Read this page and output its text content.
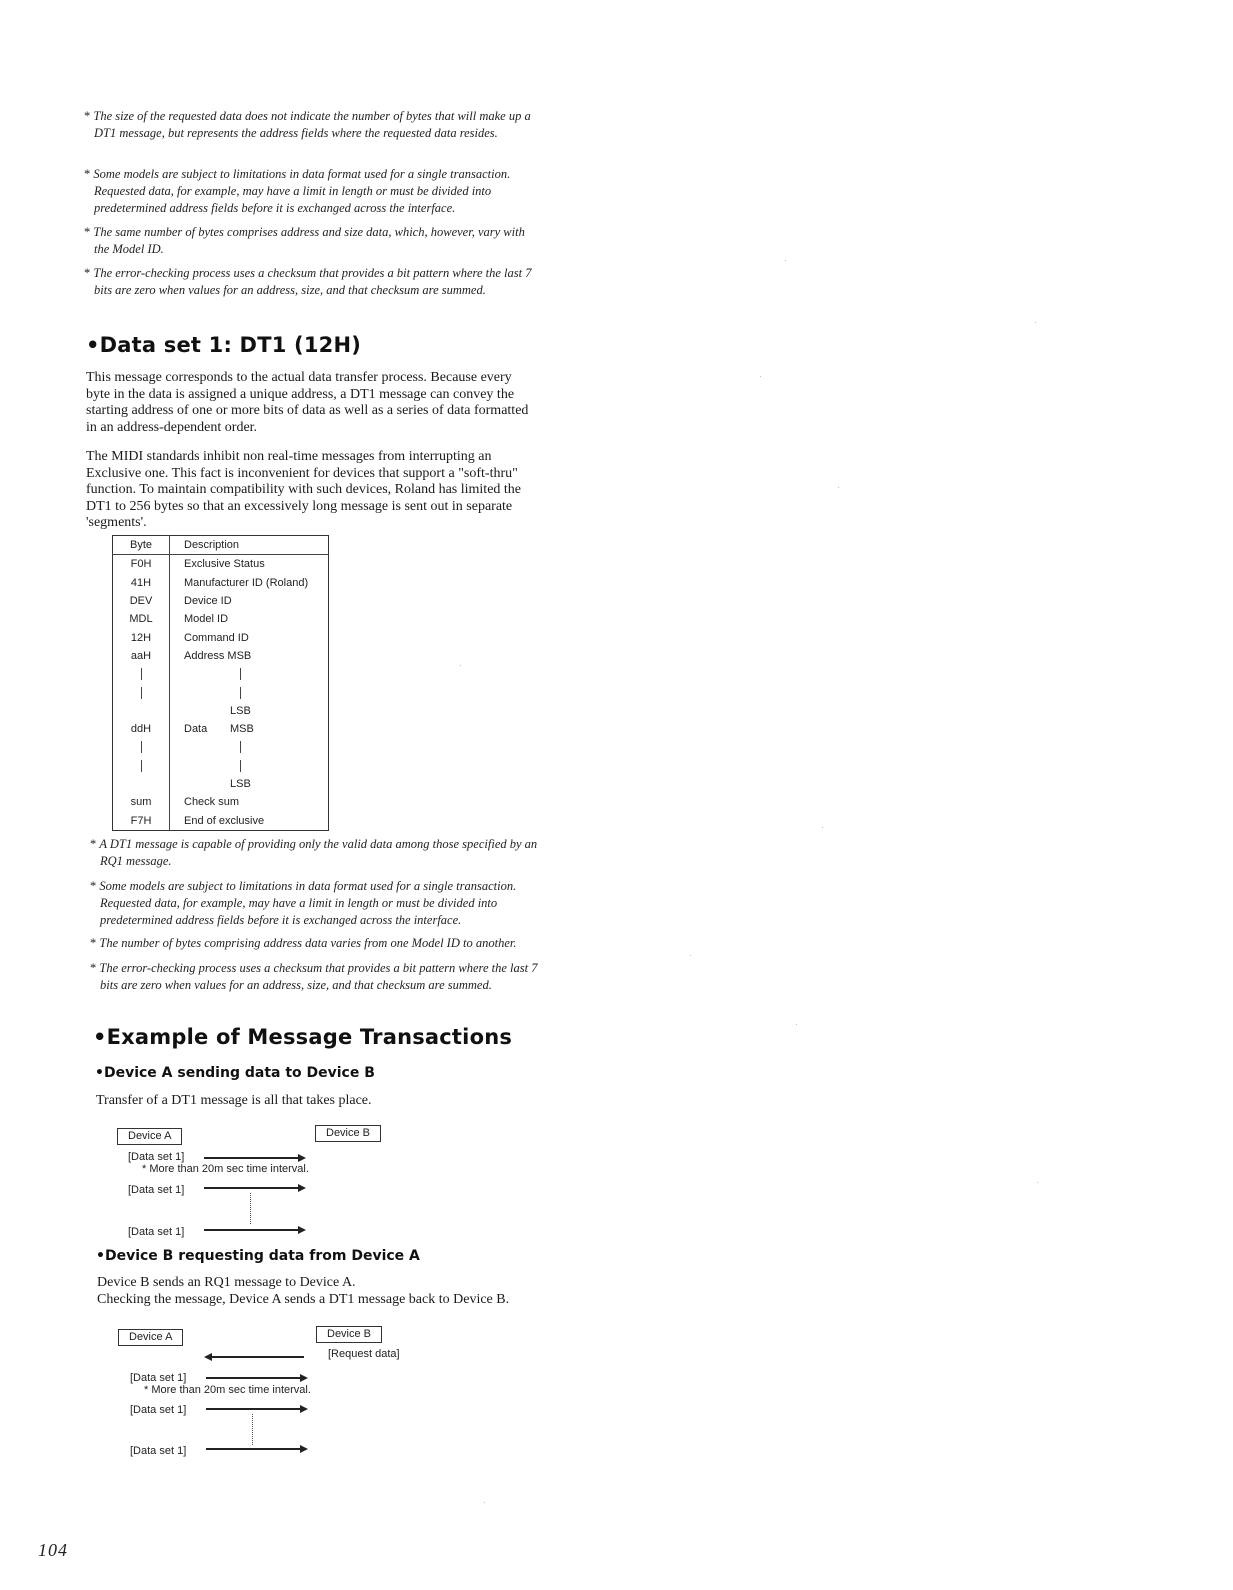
* The size of the requested data does not indicate the number of bytes that will make up a DT1 message, but represents the address fields where the requested data resides.
* Some models are subject to limitations in data format used for a single transaction. Requested data, for example, may have a limit in length or must be divided into predetermined address fields before it is exchanged across the interface.
* The same number of bytes comprises address and size data, which, however, vary with the Model ID.
* The error-checking process uses a checksum that provides a bit pattern where the last 7 bits are zero when values for an address, size, and that checksum are summed.
•Data set 1: DT1 (12H)

This message corresponds to the actual data transfer process. Because every byte in the data is assigned a unique address, a DT1 message can convey the starting address of one or more bits of data as well as a series of data formatted in an address-dependent order.

The MIDI standards inhibit non real-time messages from interrupting an Exclusive one. This fact is inconvenient for devices that support a "soft-thru" function. To maintain compatibility with such devices, Roland has limited the DT1 to 256 bytes so that an excessively long message is sent out in separate 'segments'.

Byte	Description
F0H	Exclusive Status
41H	Manufacturer ID (Roland)
DEV	Device ID
MDL	Model ID
12H	Command ID
aaH	Address MSB

	LSB
ddH	Data MSB

	LSB
sum	Check sum
F7H	End of exclusive
* A DT1 message is capable of providing only the valid data among those specified by an RQ1 message.
* Some models are subject to limitations in data format used for a single transaction. Requested data, for example, may have a limit in length or must be divided into predetermined address fields before it is exchanged across the interface.
* The number of bytes comprising address data varies from one Model ID to another.
* The error-checking process uses a checksum that provides a bit pattern where the last 7 bits are zero when values for an address, size, and that checksum are summed.
•Example of Message Transactions
•Device A sending data to Device B
Transfer of a DT1 message is all that takes place.
Device A	Device B
[Data set 1]
* More than 20m sec time interval.
[Data set 1]
[Data set 1]
•Device B requesting data from Device A
Device B sends an RQ1 message to Device A.
Checking the message, Device A sends a DT1 message back to Device B.
Device A	Device B
[Request data]
[Data set 1]
* More than 20m sec time interval.
[Data set 1]
[Data set 1]
104
